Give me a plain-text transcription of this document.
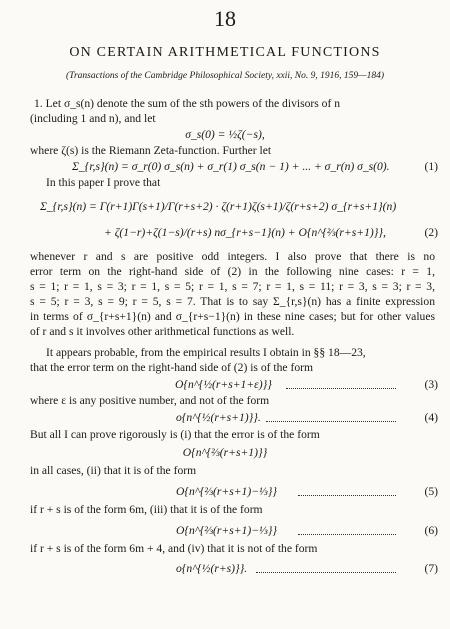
18
ON CERTAIN ARITHMETICAL FUNCTIONS
(Transactions of the Cambridge Philosophical Society, xxii, No. 9, 1916, 159—184)
1. Let σ_s(n) denote the sum of the sth powers of the divisors of n
(including 1 and n), and let
σ_s(0) = ½ζ(−s),
where ζ(s) is the Riemann Zeta-function. Further let
Σ_{r,s}(n) = σ_r(0) σ_s(n) + σ_r(1) σ_s(n − 1) + ... + σ_r(n) σ_s(0).	(1)
In this paper I prove that
Σ_{r,s}(n) = Γ(r+1)Γ(s+1)/Γ(r+s+2) · ζ(r+1)ζ(s+1)/ζ(r+s+2) σ_{r+s+1}(n)
+ ζ(1−r)+ζ(1−s)/(r+s) nσ_{r+s−1}(n) + O{n^{⅔(r+s+1)}},	(2)
whenever r and s are positive odd integers. I also prove that there is no
error term on the right-hand side of (2) in the following nine cases: r = 1,
s = 1; r = 1, s = 3; r = 1, s = 5; r = 1, s = 7; r = 1, s = 11; r = 3, s = 3; r = 3,
s = 5; r = 3, s = 9; r = 5, s = 7. That is to say Σ_{r,s}(n) has a finite expression
in terms of σ_{r+s+1}(n) and σ_{r+s−1}(n) in these nine cases; but for other values
of r and s it involves other arithmetical functions as well.
It appears probable, from the empirical results I obtain in §§ 18—23,
that the error term on the right-hand side of (2) is of the form
O{n^{½(r+s+1+ε)}}	(3)
where ε is any positive number, and not of the form
o{n^{½(r+s+1)}}.	(4)
But all I can prove rigorously is (i) that the error is of the form
O{n^{⅔(r+s+1)}}
in all cases, (ii) that it is of the form
O{n^{⅔(r+s+1)−⅓}}	(5)
if r + s is of the form 6m, (iii) that it is of the form
O{n^{⅔(r+s+1)−⅓}}	(6)
if r + s is of the form 6m + 4, and (iv) that it is not of the form
o{n^{½(r+s)}}.	(7)
